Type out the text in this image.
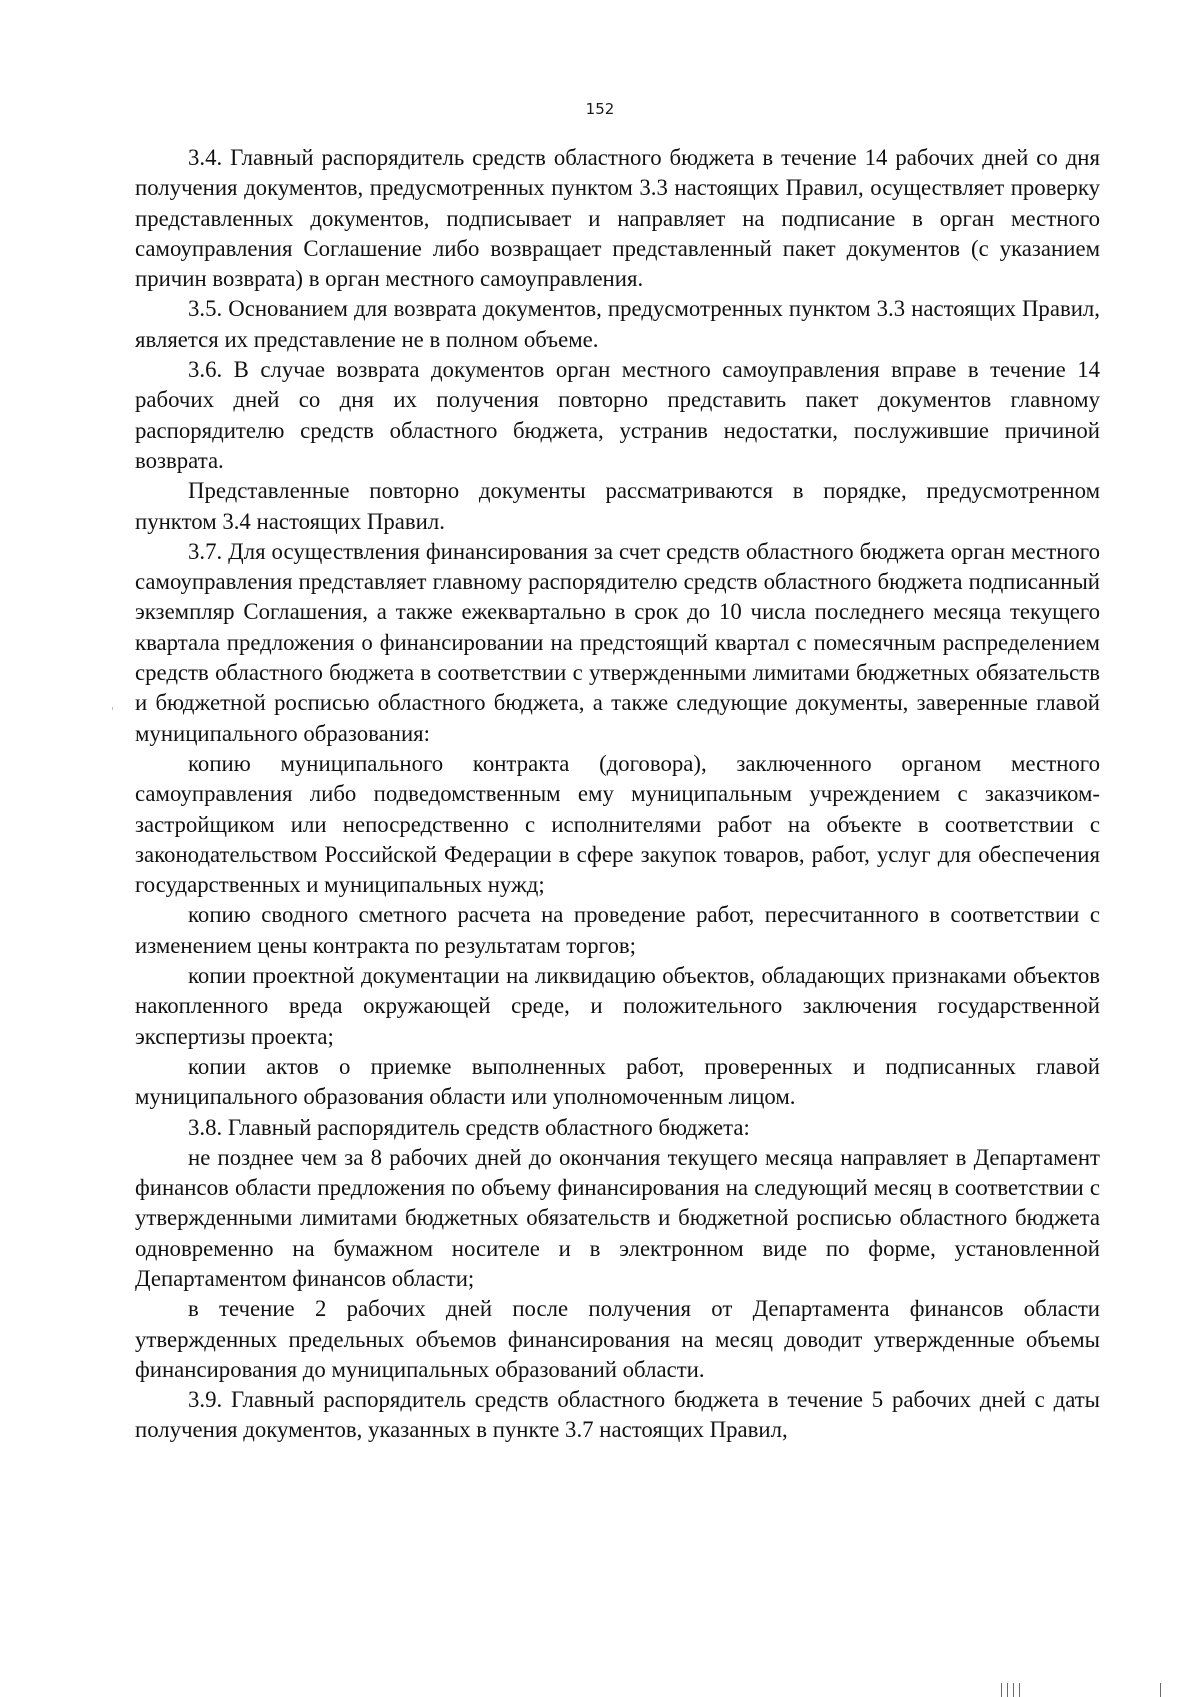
152

3.4. Главный распорядитель средств областного бюджета в течение 14 рабочих дней со дня получения документов, предусмотренных пунктом 3.3 настоящих Правил, осуществляет проверку представленных документов, подписывает и направляет на подписание в орган местного самоуправления Соглашение либо возвращает представленный пакет документов (с указанием причин возврата) в орган местного самоуправления.

3.5. Основанием для возврата документов, предусмотренных пунктом 3.3 настоящих Правил, является их представление не в полном объеме.

3.6. В случае возврата документов орган местного самоуправления вправе в течение 14 рабочих дней со дня их получения повторно представить пакет документов главному распорядителю средств областного бюджета, устранив недостатки, послужившие причиной возврата.

Представленные повторно документы рассматриваются в порядке, предусмотренном пунктом 3.4 настоящих Правил.

3.7. Для осуществления финансирования за счет средств областного бюджета орган местного самоуправления представляет главному распорядителю средств областного бюджета подписанный экземпляр Соглашения, а также ежеквартально в срок до 10 числа последнего месяца текущего квартала предложения о финансировании на предстоящий квартал с помесячным распределением средств областного бюджета в соответствии с утвержденными лимитами бюджетных обязательств и бюджетной росписью областного бюджета, а также следующие документы, заверенные главой муниципального образования:

копию муниципального контракта (договора), заключенного органом местного самоуправления либо подведомственным ему муниципальным учреждением с заказчиком-застройщиком или непосредственно с исполнителями работ на объекте в соответствии с законодательством Российской Федерации в сфере закупок товаров, работ, услуг для обеспечения государственных и муниципальных нужд;

копию сводного сметного расчета на проведение работ, пересчитанного в соответствии с изменением цены контракта по результатам торгов;

копии проектной документации на ликвидацию объектов, обладающих признаками объектов накопленного вреда окружающей среде, и положительного заключения государственной экспертизы проекта;

копии актов о приемке выполненных работ, проверенных и подписанных главой муниципального образования области или уполномоченным лицом.

3.8. Главный распорядитель средств областного бюджета:

не позднее чем за 8 рабочих дней до окончания текущего месяца направляет в Департамент финансов области предложения по объему финансирования на следующий месяц в соответствии с утвержденными лимитами бюджетных обязательств и бюджетной росписью областного бюджета одновременно на бумажном носителе и в электронном виде по форме, установленной Департаментом финансов области;

в течение 2 рабочих дней после получения от Департамента финансов области утвержденных предельных объемов финансирования на месяц доводит утвержденные объемы финансирования до муниципальных образований области.

3.9. Главный распорядитель средств областного бюджета в течение 5 рабочих дней с даты получения документов, указанных в пункте 3.7 настоящих Правил,
